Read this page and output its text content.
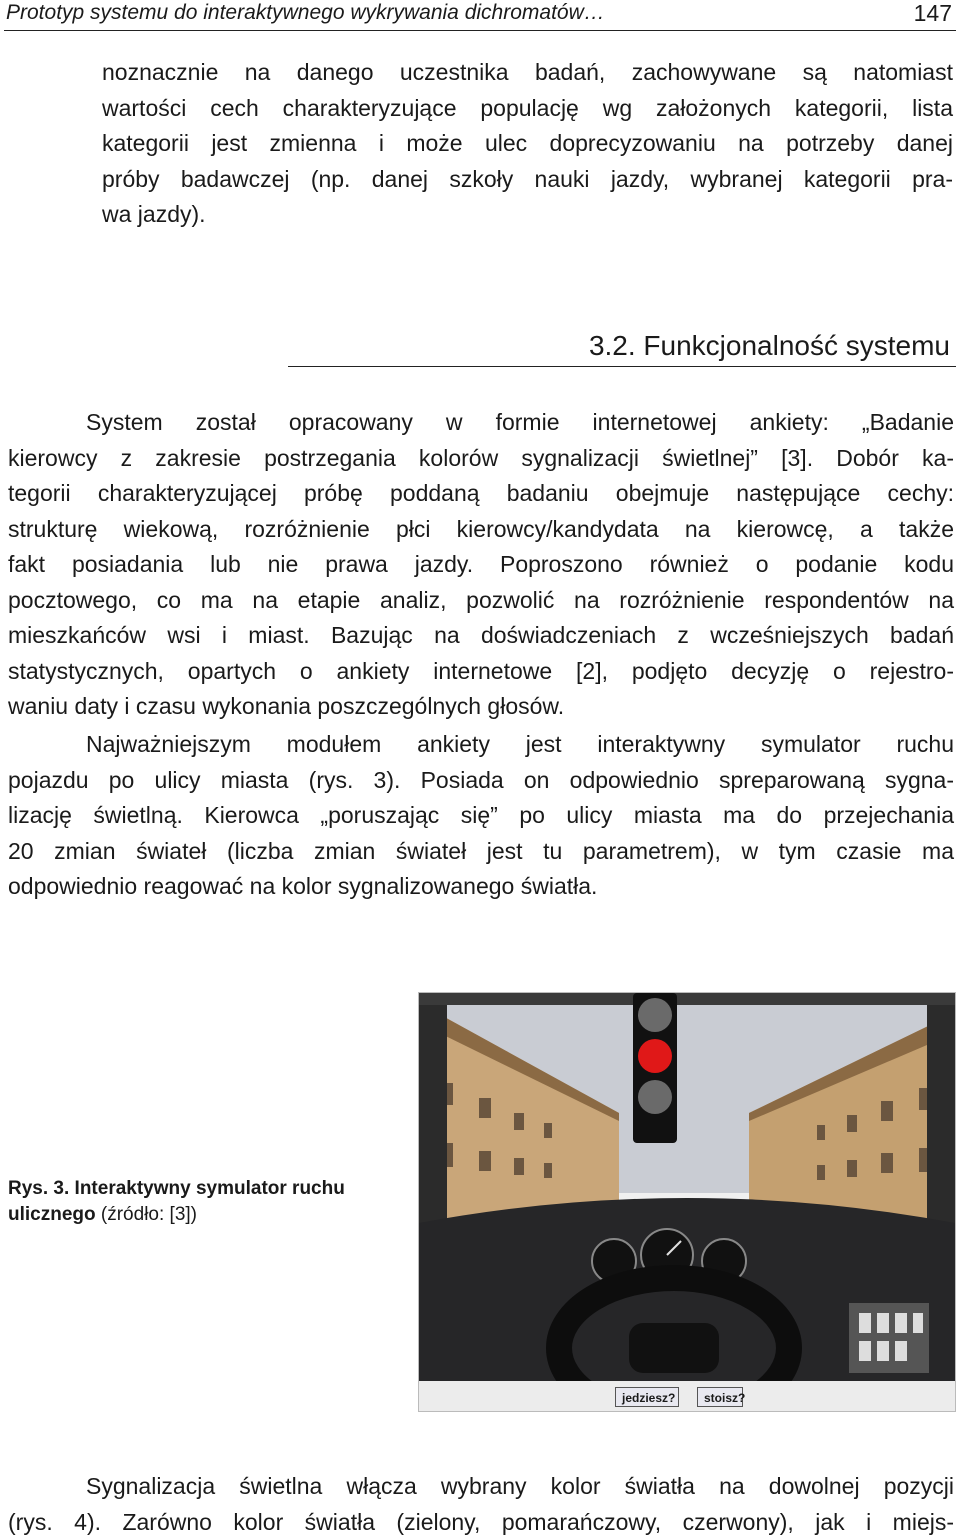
Prototyp systemu do interaktywnego wykrywania dichromatów…	147
noznacznie na danego uczestnika badań, zachowywane są natomiast
wartości cech charakteryzujące populację wg założonych kategorii, lista
kategorii jest zmienna i może ulec doprecyzowaniu na potrzeby danej
próby badawczej (np. danej szkoły nauki jazdy, wybranej kategorii pra-
wa jazdy).
3.2. Funkcjonalność systemu
System został opracowany w formie internetowej ankiety: „Badanie
kierowcy z zakresie postrzegania kolorów sygnalizacji świetlnej” [3]. Dobór ka-
tegorii charakteryzującej próbę poddaną badaniu obejmuje następujące cechy:
strukturę wiekową, rozróżnienie płci kierowcy/kandydata na kierowcę, a także
fakt posiadania lub nie prawa jazdy. Poproszono również o podanie kodu
pocztowego, co ma na etapie analiz, pozwolić na rozróżnienie respondentów na
mieszkańców wsi i miast. Bazując na doświadczeniach z wcześniejszych badań
statystycznych, opartych o ankiety internetowe [2], podjęto decyzję o rejestro-
waniu daty i czasu wykonania poszczególnych głosów.
Najważniejszym modułem ankiety jest interaktywny symulator ruchu
pojazdu po ulicy miasta (rys. 3). Posiada on odpowiednio spreparowaną sygna-
lizację świetlną. Kierowca „poruszając się” po ulicy miasta ma do przejechania
20 zmian świateł (liczba zmian świateł jest tu parametrem), w tym czasie ma
odpowiednio reagować na kolor sygnalizowanego światła.
Rys. 3. Interaktywny symulator ruchu ulicznego (źródło: [3])
jedziesz?	stoisz?
Sygnalizacja świetlna włącza wybrany kolor światła na dowolnej pozycji
(rys. 4). Zarówno kolor światła (zielony, pomarańczowy, czerwony), jak i miejs-
